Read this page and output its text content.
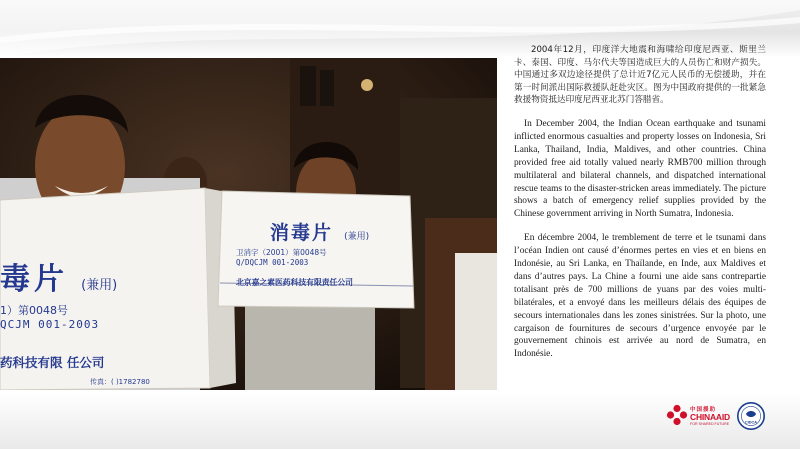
毒片 (兼用)
1）第0048号
QCJM 001-2003
药科技有限 任公司
传真：( )1782780
消毒片 (兼用)
卫消字（2001）第0048号
Q/DQCJM 001-2003
北京嘉之素医药科技有限责任公司

2004年12月，印度洋大地震和海啸给印度尼西亚、斯里兰卡、泰国、印度、马尔代夫等国造成巨大的人员伤亡和财产损失。中国通过多双边途径提供了总计近7亿元人民币的无偿援助，并在第一时间派出国际救援队赶赴灾区。图为中国政府提供的一批紧急救援物资抵达印度尼西亚北苏门答腊省。

In December 2004, the Indian Ocean earthquake and tsunami inflicted enormous casualties and property losses on Indonesia, Sri Lanka, Thailand, India, Maldives, and other countries. China provided free aid totally valued nearly RMB700 million through multilateral and bilateral channels, and dispatched international rescue teams to the disaster-stricken areas immediately. The picture shows a batch of emergency relief supplies provided by the Chinese government arriving in North Sumatra, Indonesia.

En décembre 2004, le tremblement de terre et le tsunami dans l’océan Indien ont causé d’énormes pertes en vies et en biens en Indonésie, au Sri Lanka, en Thaïlande, en Inde, aux Maldives et dans d’autres pays. La Chine a fourni une aide sans contrepartie totalisant près de 700 millions de yuans par des voies multi-bilatérales, et a envoyé dans les meilleurs délais des équipes de secours internationales dans les zones sinistrées. Sur la photo, une cargaison de fournitures de secours d’urgence envoyée par le gouvernement chinois est arrivée au nord de Sumatra, en Indonésie.

中国援助
CHINAAID
FOR SHARED FUTURE	CIDCA
